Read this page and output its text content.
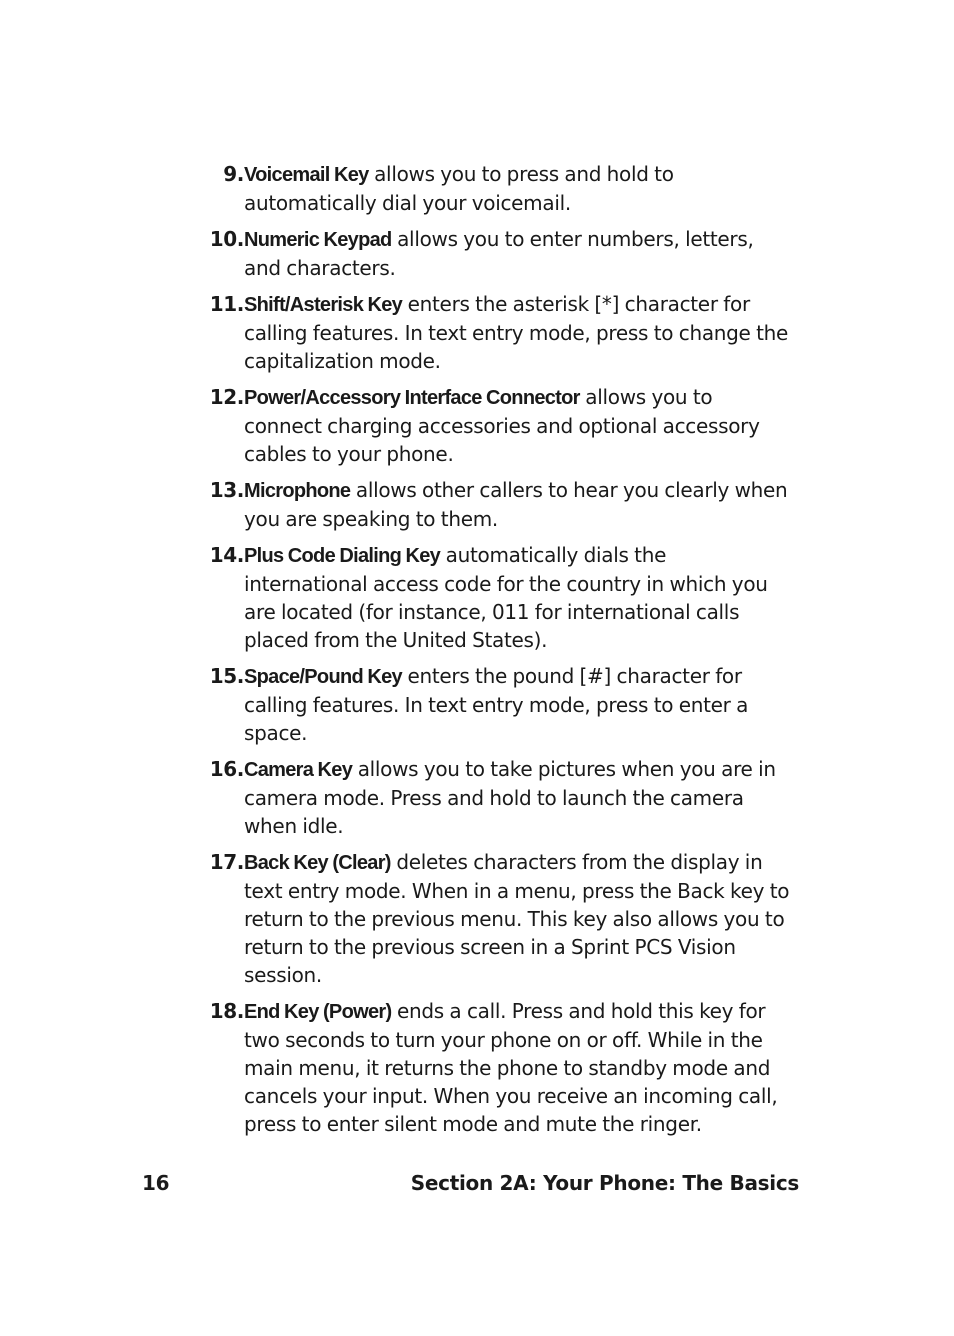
9. Voicemail Key allows you to press and hold to automatically dial your voicemail.
10. Numeric Keypad allows you to enter numbers, letters, and characters.
11. Shift/Asterisk Key enters the asterisk [*] character for calling features. In text entry mode, press to change the capitalization mode.
12. Power/Accessory Interface Connector allows you to connect charging accessories and optional accessory cables to your phone.
13. Microphone allows other callers to hear you clearly when you are speaking to them.
14. Plus Code Dialing Key automatically dials the international access code for the country in which you are located (for instance, 011 for international calls placed from the United States).
15. Space/Pound Key enters the pound [#] character for calling features. In text entry mode, press to enter a space.
16. Camera Key allows you to take pictures when you are in camera mode. Press and hold to launch the camera when idle.
17. Back Key (Clear) deletes characters from the display in text entry mode. When in a menu, press the Back key to return to the previous menu. This key also allows you to return to the previous screen in a Sprint PCS Vision session.
18. End Key (Power) ends a call. Press and hold this key for two seconds to turn your phone on or off. While in the main menu, it returns the phone to standby mode and cancels your input. When you receive an incoming call, press to enter silent mode and mute the ringer.
16	Section 2A: Your Phone: The Basics
